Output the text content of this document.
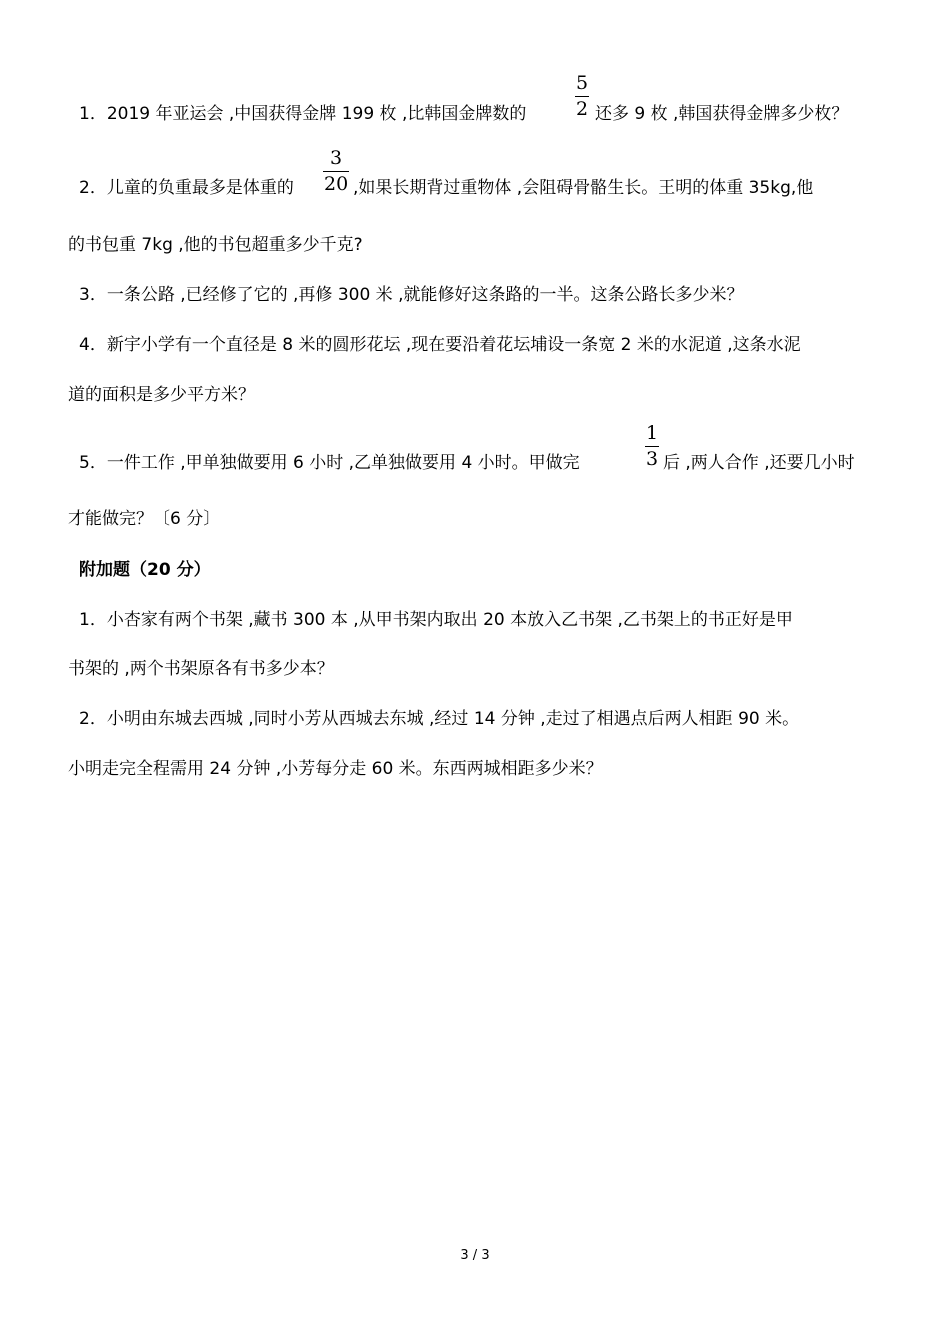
1．2019 年亚运会 ,中国获得金牌 199 枚 ,比韩国金牌数的	$\frac{5}{2}$ 还多 9 枚 ,韩国获得金牌多少枚？
2．儿童的负重最多是体重的 $\frac{3}{20}$ ,如果长期背过重物体 ,会阻碍骨骼生长。王明的体重 35kg,他
的书包重 7kg ,他的书包超重多少千克?
3．一条公路 ,已经修了它的 ,再修 300 米 ,就能修好这条路的一半。这条公路长多少米？
4．新宇小学有一个直径是 8 米的圆形花坛 ,现在要沿着花坛埔设一条宽 2 米的水泥道 ,这条水泥
道的面积是多少平方米？
5．一件工作 ,甲单独做要用 6 小时 ,乙单独做要用 4 小时。甲做完	$\frac{1}{3}$ 后 ,两人合作 ,还要几小时
才能做完？〔6 分〕
附加题（20 分）
1．小杏家有两个书架 ,藏书 300 本 ,从甲书架内取出 20 本放入乙书架 ,乙书架上的书正好是甲
书架的 ,两个书架原各有书多少本？
2．小明由东城去西城 ,同时小芳从西城去东城 ,经过 14 分钟 ,走过了相遇点后两人相距 90 米。
小明走完全程需用 24 分钟 ,小芳每分走 60 米。东西两城相距多少米？
3 / 3
